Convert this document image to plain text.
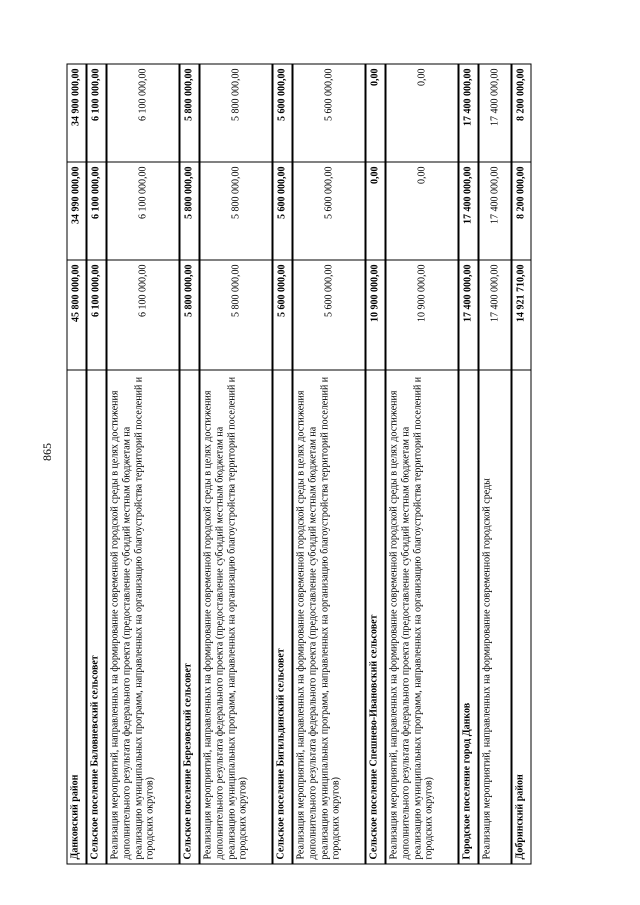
865
Данковский район	45 800 000,00	34 990 000,00	34 900 000,00
Сельское поселение Баловневский сельсовет	6 100 000,00	6 100 000,00	6 100 000,00
Реализация мероприятий, направленных на формирование современной городской среды в целях достижения дополнительного результата федерального проекта (предоставление субсидий местным бюджетам на реализацию муниципальных программ, направленных на организацию благоустройства территорий поселений и городских округов)	6 100 000,00	6 100 000,00	6 100 000,00
Сельское поселение Березовский сельсовет	5 800 000,00	5 800 000,00	5 800 000,00
Реализация мероприятий, направленных на формирование современной городской среды в целях достижения дополнительного результата федерального проекта (предоставление субсидий местным бюджетам на реализацию муниципальных программ, направленных на организацию благоустройства территорий поселений и городских округов)	5 800 000,00	5 800 000,00	5 800 000,00
Сельское поселение Бигильдинский сельсовет	5 600 000,00	5 600 000,00	5 600 000,00
Реализация мероприятий, направленных на формирование современной городской среды в целях достижения дополнительного результата федерального проекта (предоставление субсидий местным бюджетам на реализацию муниципальных программ, направленных на организацию благоустройства территорий поселений и городских округов)	5 600 000,00	5 600 000,00	5 600 000,00
Сельское поселение Спешнево-Ивановский сельсовет	10 900 000,00	0,00	0,00
Реализация мероприятий, направленных на формирование современной городской среды в целях достижения дополнительного результата федерального проекта (предоставление субсидий местным бюджетам на реализацию муниципальных программ, направленных на организацию благоустройства территорий поселений и городских округов)	10 900 000,00	0,00	0,00
Городское поселение город Данков	17 400 000,00	17 400 000,00	17 400 000,00
Реализация мероприятий, направленных на формирование современной городской среды	17 400 000,00	17 400 000,00	17 400 000,00
Добринский район	14 921 710,00	8 200 000,00	8 200 000,00
